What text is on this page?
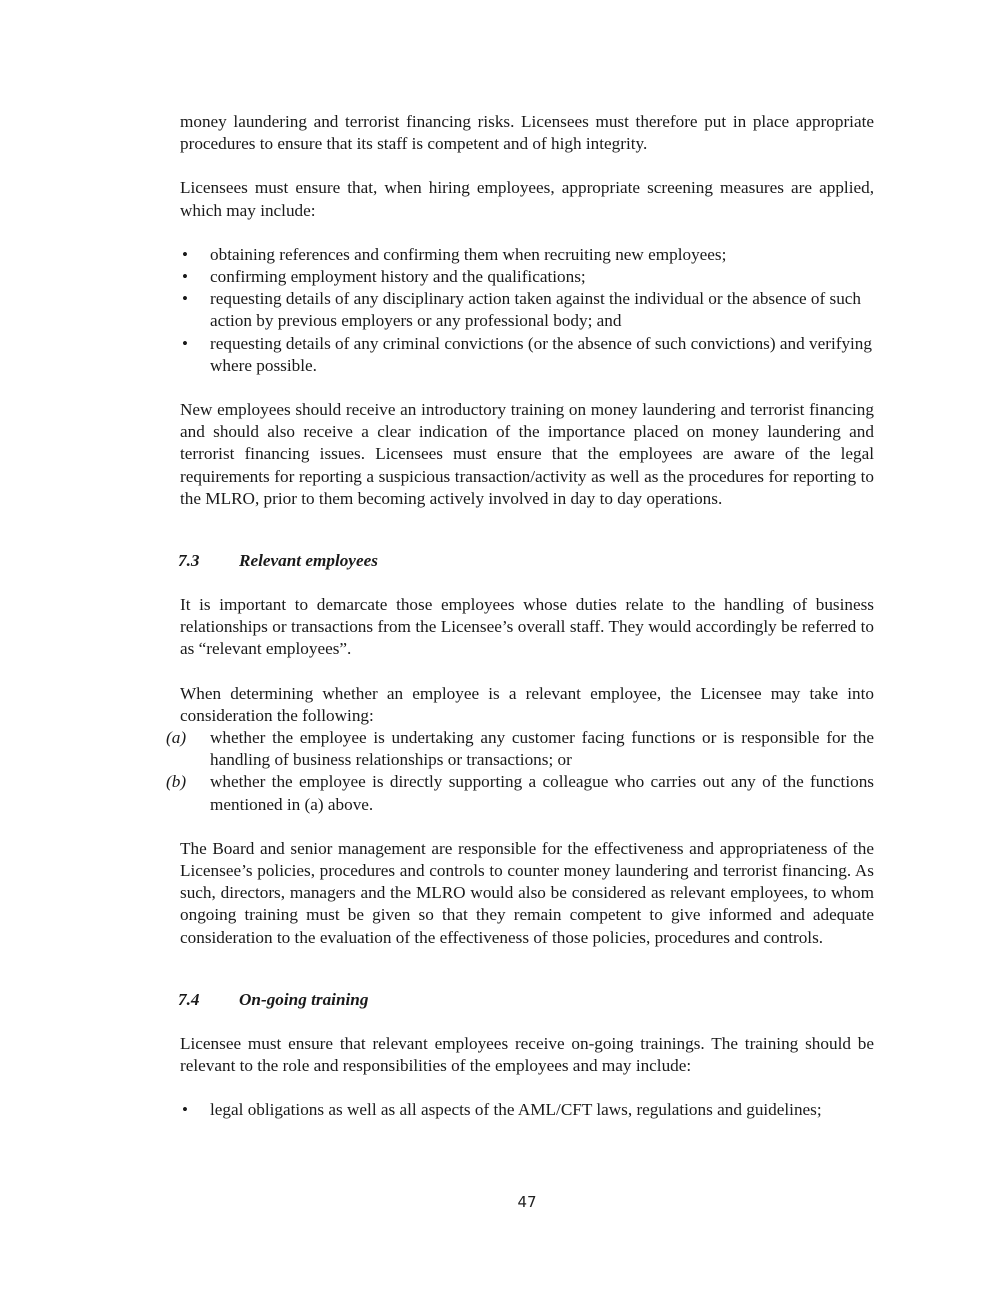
money laundering and terrorist financing risks. Licensees must therefore put in place appropriate procedures to ensure that its staff is competent and of high integrity.

Licensees must ensure that, when hiring employees, appropriate screening measures are applied, which may include:

• obtaining references and confirming them when recruiting new employees;
• confirming employment history and the qualifications;
• requesting details of any disciplinary action taken against the individual or the absence of such action by previous employers or any professional body; and
• requesting details of any criminal convictions (or the absence of such convictions) and verifying where possible.

New employees should receive an introductory training on money laundering and terrorist financing and should also receive a clear indication of the importance placed on money laundering and terrorist financing issues. Licensees must ensure that the employees are aware of the legal requirements for reporting a suspicious transaction/activity as well as the procedures for reporting to the MLRO, prior to them becoming actively involved in day to day operations.

7.3 Relevant employees

It is important to demarcate those employees whose duties relate to the handling of business relationships or transactions from the Licensee’s overall staff. They would accordingly be referred to as “relevant employees”.

When determining whether an employee is a relevant employee, the Licensee may take into consideration the following:

(a) whether the employee is undertaking any customer facing functions or is responsible for the handling of business relationships or transactions; or
(b) whether the employee is directly supporting a colleague who carries out any of the functions mentioned in (a) above.

The Board and senior management are responsible for the effectiveness and appropriateness of the Licensee’s policies, procedures and controls to counter money laundering and terrorist financing. As such, directors, managers and the MLRO would also be considered as relevant employees, to whom ongoing training must be given so that they remain competent to give informed and adequate consideration to the evaluation of the effectiveness of those policies, procedures and controls.

7.4 On-going training

Licensee must ensure that relevant employees receive on-going trainings. The training should be relevant to the role and responsibilities of the employees and may include:

• legal obligations as well as all aspects of the AML/CFT laws, regulations and guidelines;
47
